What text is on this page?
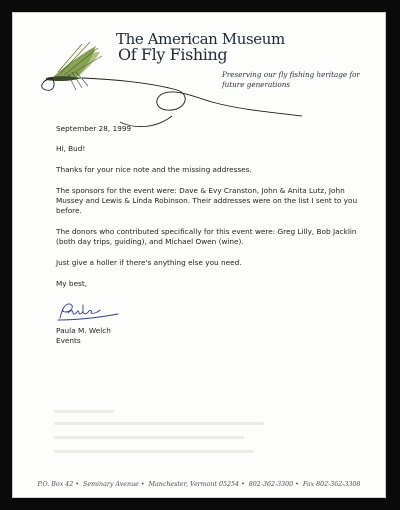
The American Museum
Of Fly Fishing
Preserving our fly fishing heritage for future generations

September 28, 1999

Hi, Bud!

Thanks for your nice note and the missing addresses.

The sponsors for the event were: Dave & Evy Cranston, John & Anita Lutz, John Mussey and Lewis & Linda Robinson. Their addresses were on the list I sent to you before.

The donors who contributed specifically for this event were: Greg Lilly, Bob Jacklin (both day trips, guiding), and Michael Owen (wine).

Just give a holler if there's anything else you need.

My best,

Paula M. Welch
Events
P.O. Box 42 • Seminary Avenue • Manchester, Vermont 05254 • 802-362-3300 • Fax 802-362-3308
